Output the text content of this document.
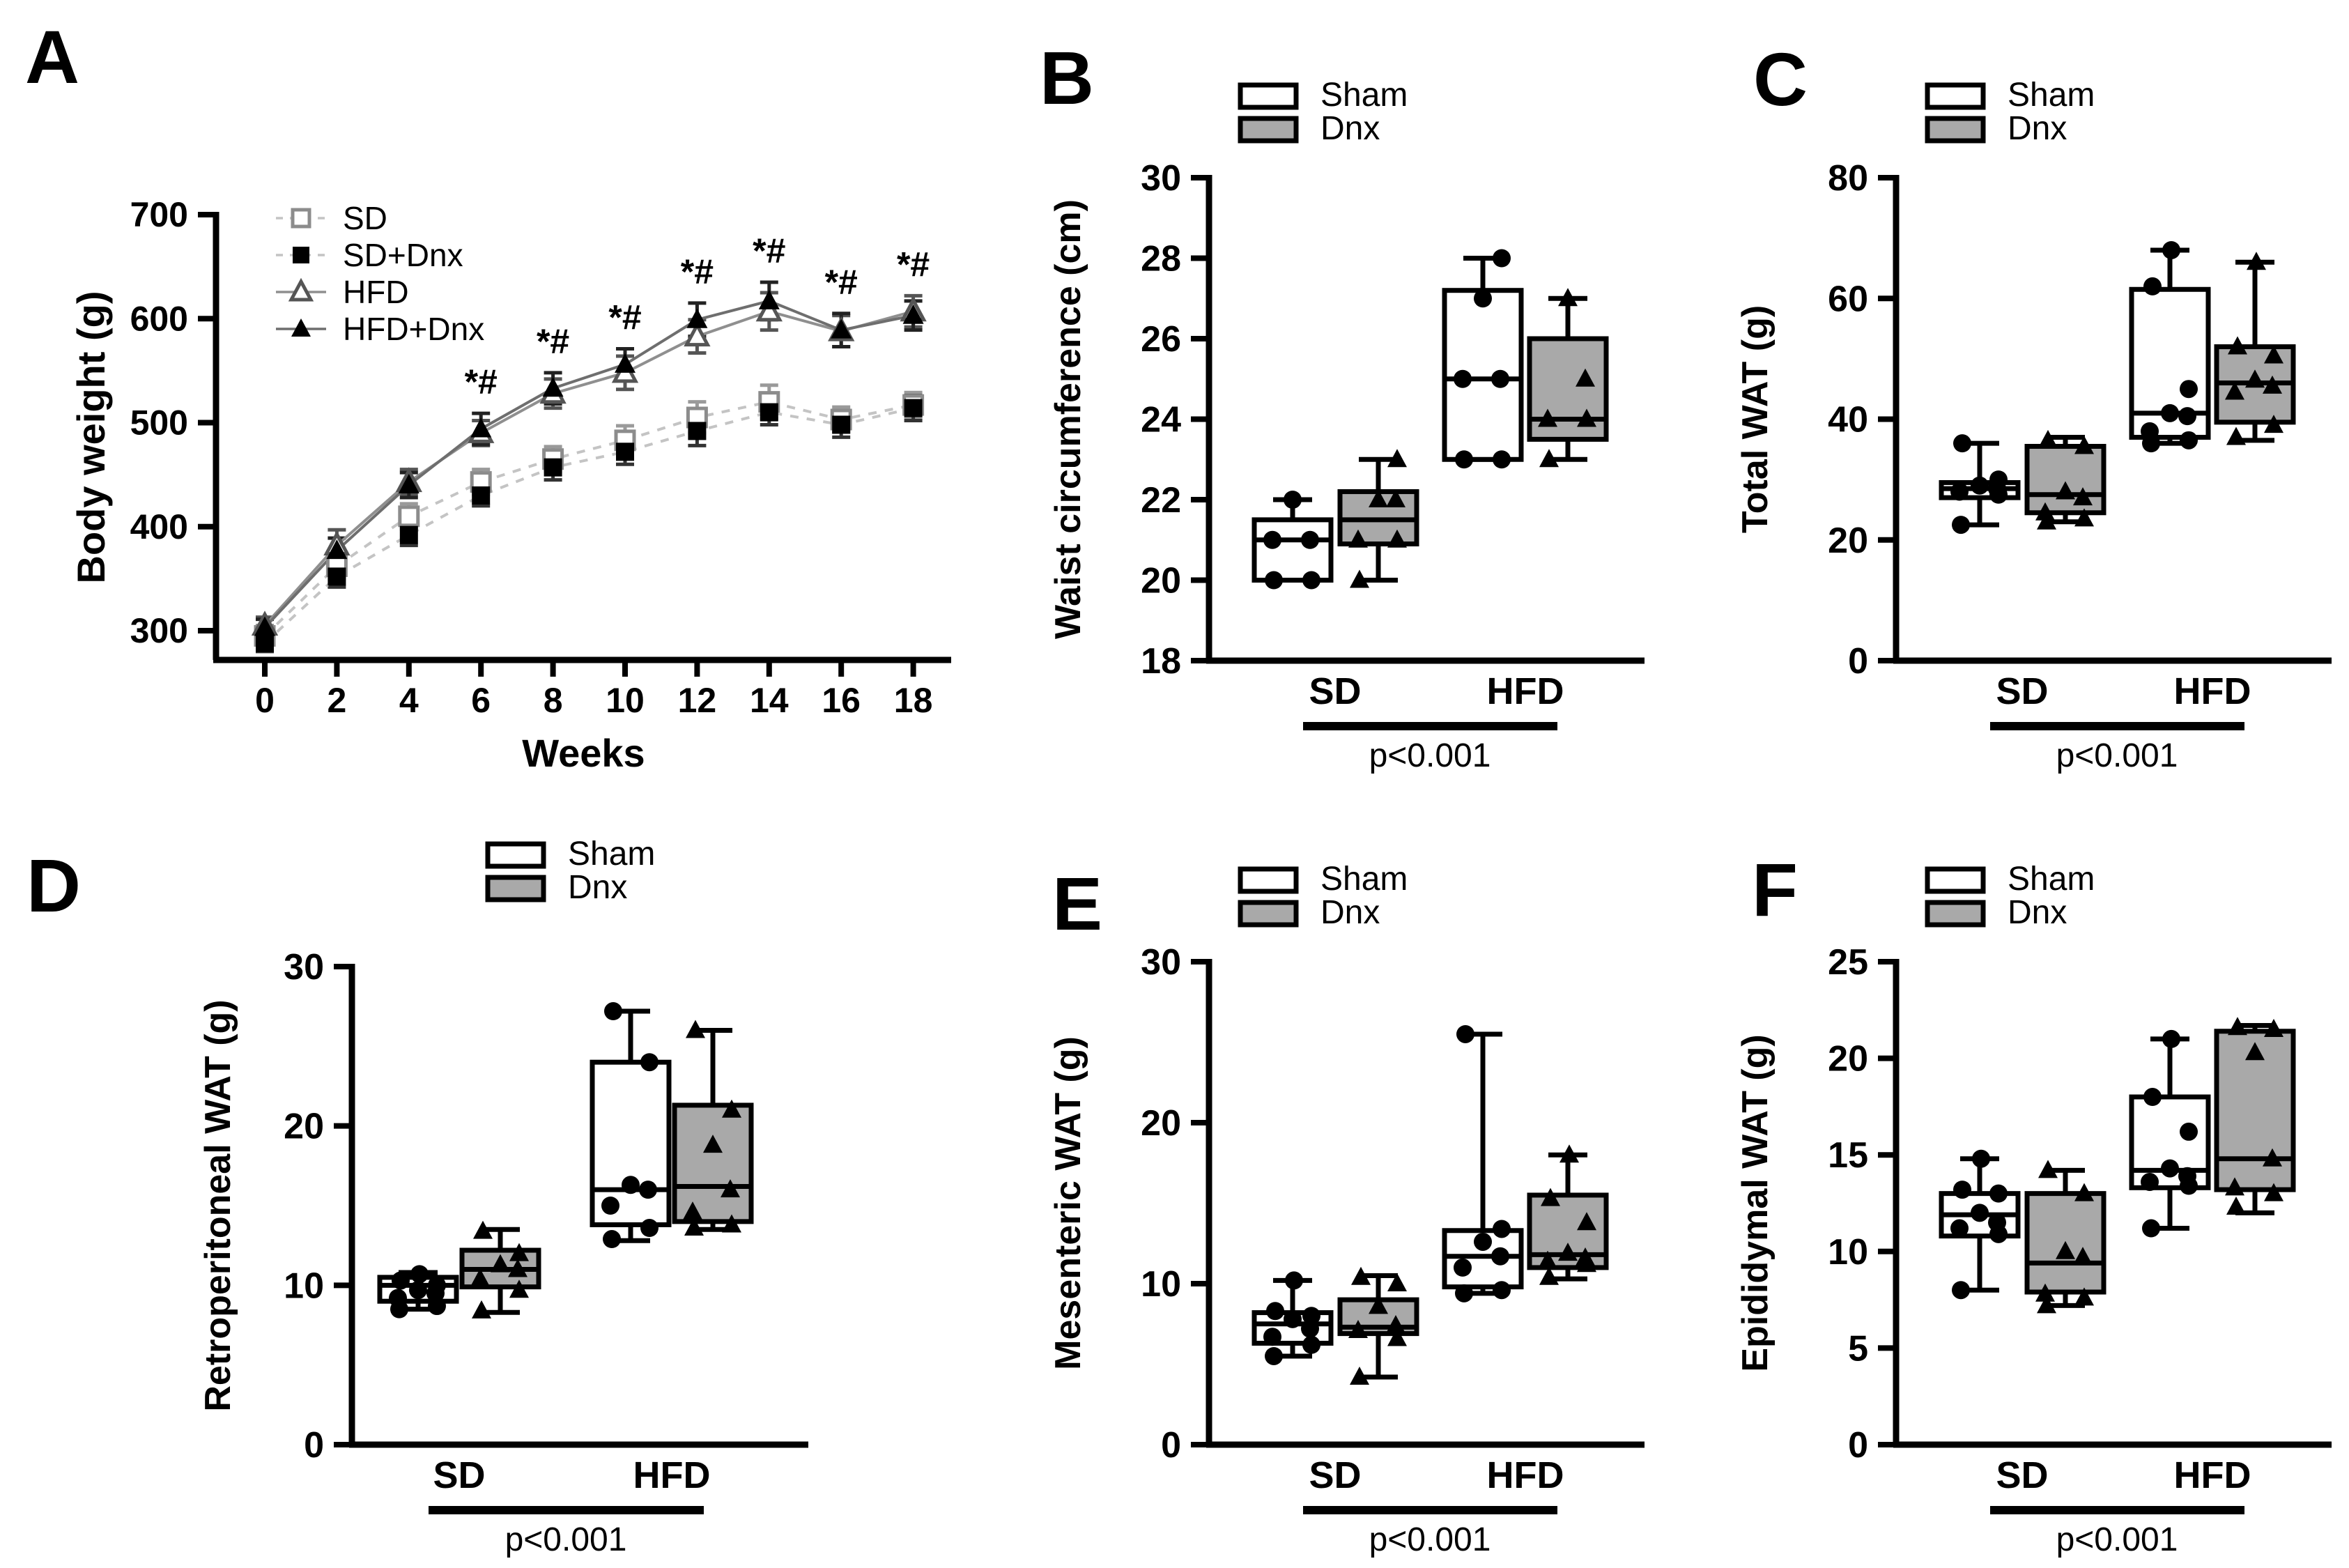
A
300
400
500
600
700
0 2 4 6 8 10 12 14 16 18
Weeks
Body weight (g)
SD
SD+Dnx
HFD
HFD+Dnx
*#
*#
*#
*#
*#
*# *#
B
18
20
22
24
26
28
30
Waist circumference (cm)
Sham
Dnx
SD	HFD
p<0.001
C
0
20
40
60
80
Total WAT (g)
Sham
Dnx
SD	HFD
p<0.001
D
0
10
20
30
Retroperitoneal WAT (g)
Sham
Dnx
SD	HFD
p<0.001
E
0
10
20
30
Mesenteric WAT (g)
Sham
Dnx
SD	HFD
p<0.001
F
0
5
10
15
20
25
Epididymal WAT (g)
Sham
Dnx
SD	HFD
p<0.001
